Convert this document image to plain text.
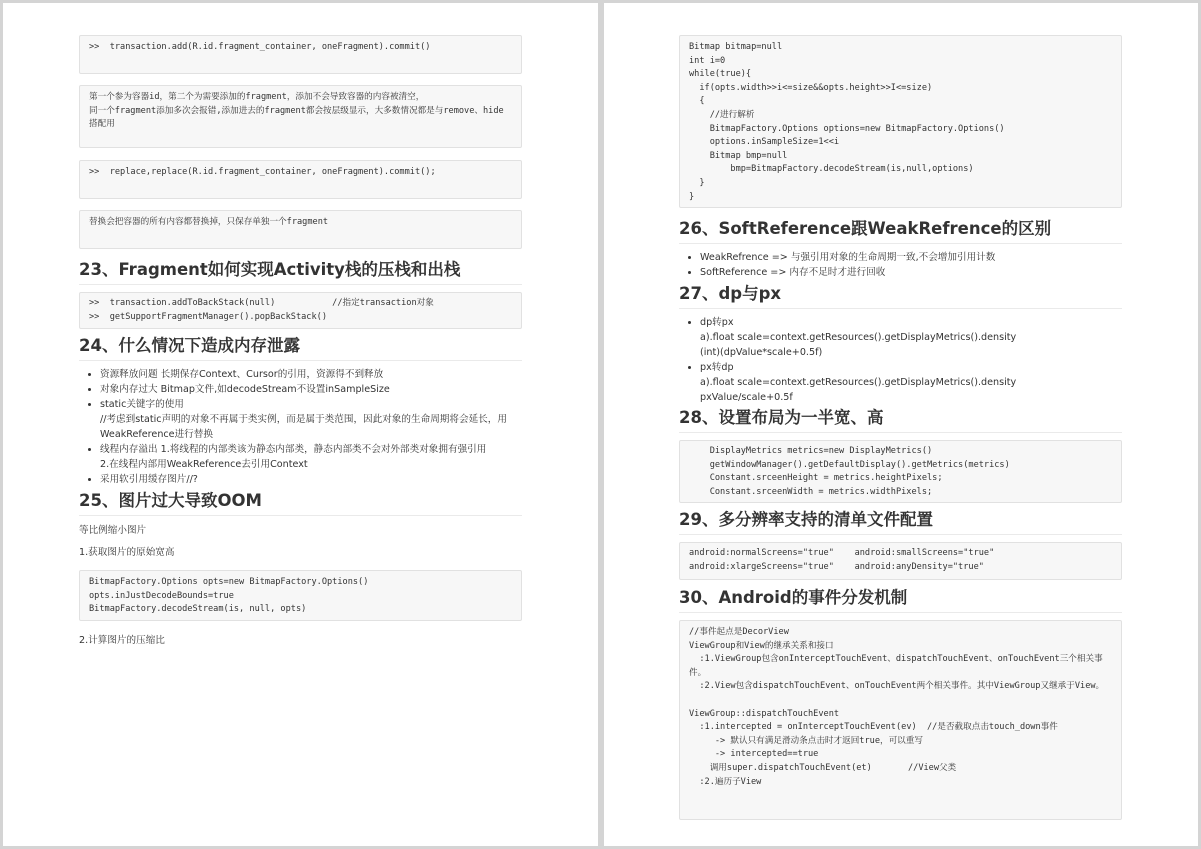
>>  transaction.add(R.id.fragment_container, oneFragment).commit()
第一个参为容器id，第二个为需要添加的fragment，添加不会导致容器的内容被清空，
同一个fragment添加多次会报错,添加进去的fragment都会按层级显示，大多数情况都是与remove、hide
搭配用
>>  replace,replace(R.id.fragment_container, oneFragment).commit();
替换会把容器的所有内容都替换掉，只保存单独一个fragment
23、Fragment如何实现Activity栈的压栈和出栈
>>  transaction.addToBackStack(null)           //指定transaction对象
>>  getSupportFragmentManager().popBackStack()
24、什么情况下造成内存泄露
• 资源释放问题 长期保存Context、Cursor的引用，资源得不到释放
• 对象内存过大 Bitmap文件,如decodeStream不设置inSampleSize
• static关键字的使用
//考虑到static声明的对象不再属于类实例，而是属于类范围，因此对象的生命周期将会延长，用
WeakReference进行替换
• 线程内存溢出 1.将线程的内部类该为静态内部类，静态内部类不会对外部类对象拥有强引用
2.在线程内部用WeakReference去引用Context
• 采用软引用缓存图片//?
25、图片过大导致OOM

等比例缩小图片

1.获取图片的原始宽高

BitmapFactory.Options opts=new BitmapFactory.Options()
opts.inJustDecodeBounds=true
BitmapFactory.decodeStream(is, null, opts)

2.计算图片的压缩比

Bitmap bitmap=null
int i=0
while(true){
if(opts.width>>i<=size&&opts.height>>I<=size)
{
//进行解析
BitmapFactory.Options options=new BitmapFactory.Options()
options.inSampleSize=1<<i
Bitmap bmp=null
bmp=BitmapFactory.decodeStream(is,null,options)
}
}
26、SoftReference跟WeakRefrence的区别
• WeakRefrence => 与强引用对象的生命周期一致,不会增加引用计数
• SoftReference => 内存不足时才进行回收
27、dp与px
• dp转px
a).float scale=context.getResources().getDisplayMetrics().density
(int)(dpValue*scale+0.5f)
• px转dp
a).float scale=context.getResources().getDisplayMetrics().density
pxValue/scale+0.5f
28、设置布局为一半宽、高
DisplayMetrics metrics=new DisplayMetrics()
getWindowManager().getDefaultDisplay().getMetrics(metrics)
Constant.srceenHeight = metrics.heightPixels;
Constant.srceenWidth = metrics.widthPixels;
29、多分辨率支持的清单文件配置
android:normalScreens="true"    android:smallScreens="true"
android:xlargeScreens="true"    android:anyDensity="true"
30、Android的事件分发机制
//事件起点是DecorView
ViewGroup和View的继承关系和接口
:1.ViewGroup包含onInterceptTouchEvent、dispatchTouchEvent、onTouchEvent三个相关事件。
:2.View包含dispatchTouchEvent、onTouchEvent两个相关事件。其中ViewGroup又继承于View。

ViewGroup::dispatchTouchEvent
:1.intercepted = onInterceptTouchEvent(ev)  //是否截取点击touch_down事件
-> 默认只有满足滑动条点击时才返回true，可以重写
-> intercepted==true
调用super.dispatchTouchEvent(et)       //View父类
:2.遍历子View
